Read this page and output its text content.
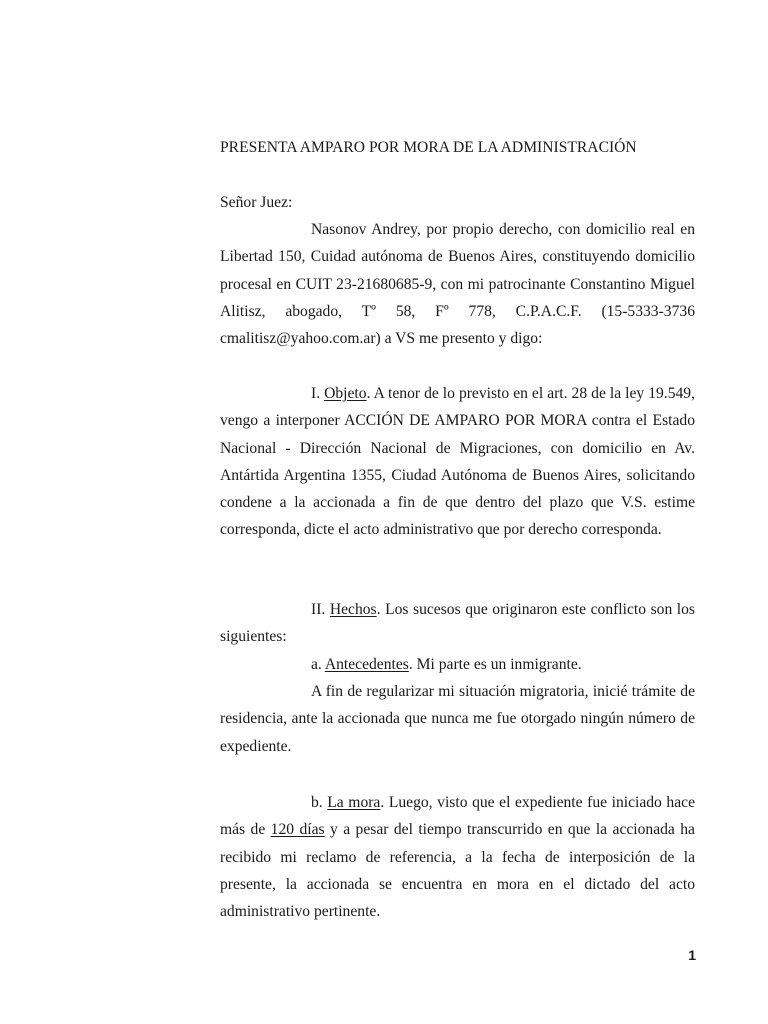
PRESENTA AMPARO POR MORA DE LA ADMINISTRACIÓN
Señor Juez:

Nasonov Andrey, por propio derecho, con domicilio real en Libertad 150, Cuidad autónoma de Buenos Aires, constituyendo domicilio procesal en CUIT 23-21680685-9, con mi patrocinante Constantino Miguel Alitisz, abogado, Tº 58, Fº 778, C.P.A.C.F. (15-5333-3736 cmalitisz@yahoo.com.ar) a VS me presento y digo:

I. Objeto. A tenor de lo previsto en el art. 28 de la ley 19.549, vengo a interponer ACCIÓN DE AMPARO POR MORA contra el Estado Nacional - Dirección Nacional de Migraciones, con domicilio en Av. Antártida Argentina 1355, Ciudad Autónoma de Buenos Aires, solicitando condene a la accionada a fin de que dentro del plazo que V.S. estime corresponda, dicte el acto administrativo que por derecho corresponda.

II. Hechos. Los sucesos que originaron este conflicto son los siguientes:

a. Antecedentes. Mi parte es un inmigrante.

A fin de regularizar mi situación migratoria, inicié trámite de residencia, ante la accionada que nunca me fue otorgado ningún número de expediente.

b. La mora. Luego, visto que el expediente fue iniciado hace más de 120 días y a pesar del tiempo transcurrido en que la accionada ha recibido mi reclamo de referencia, a la fecha de interposición de la presente, la accionada se encuentra en mora en el dictado del acto administrativo pertinente.

1
